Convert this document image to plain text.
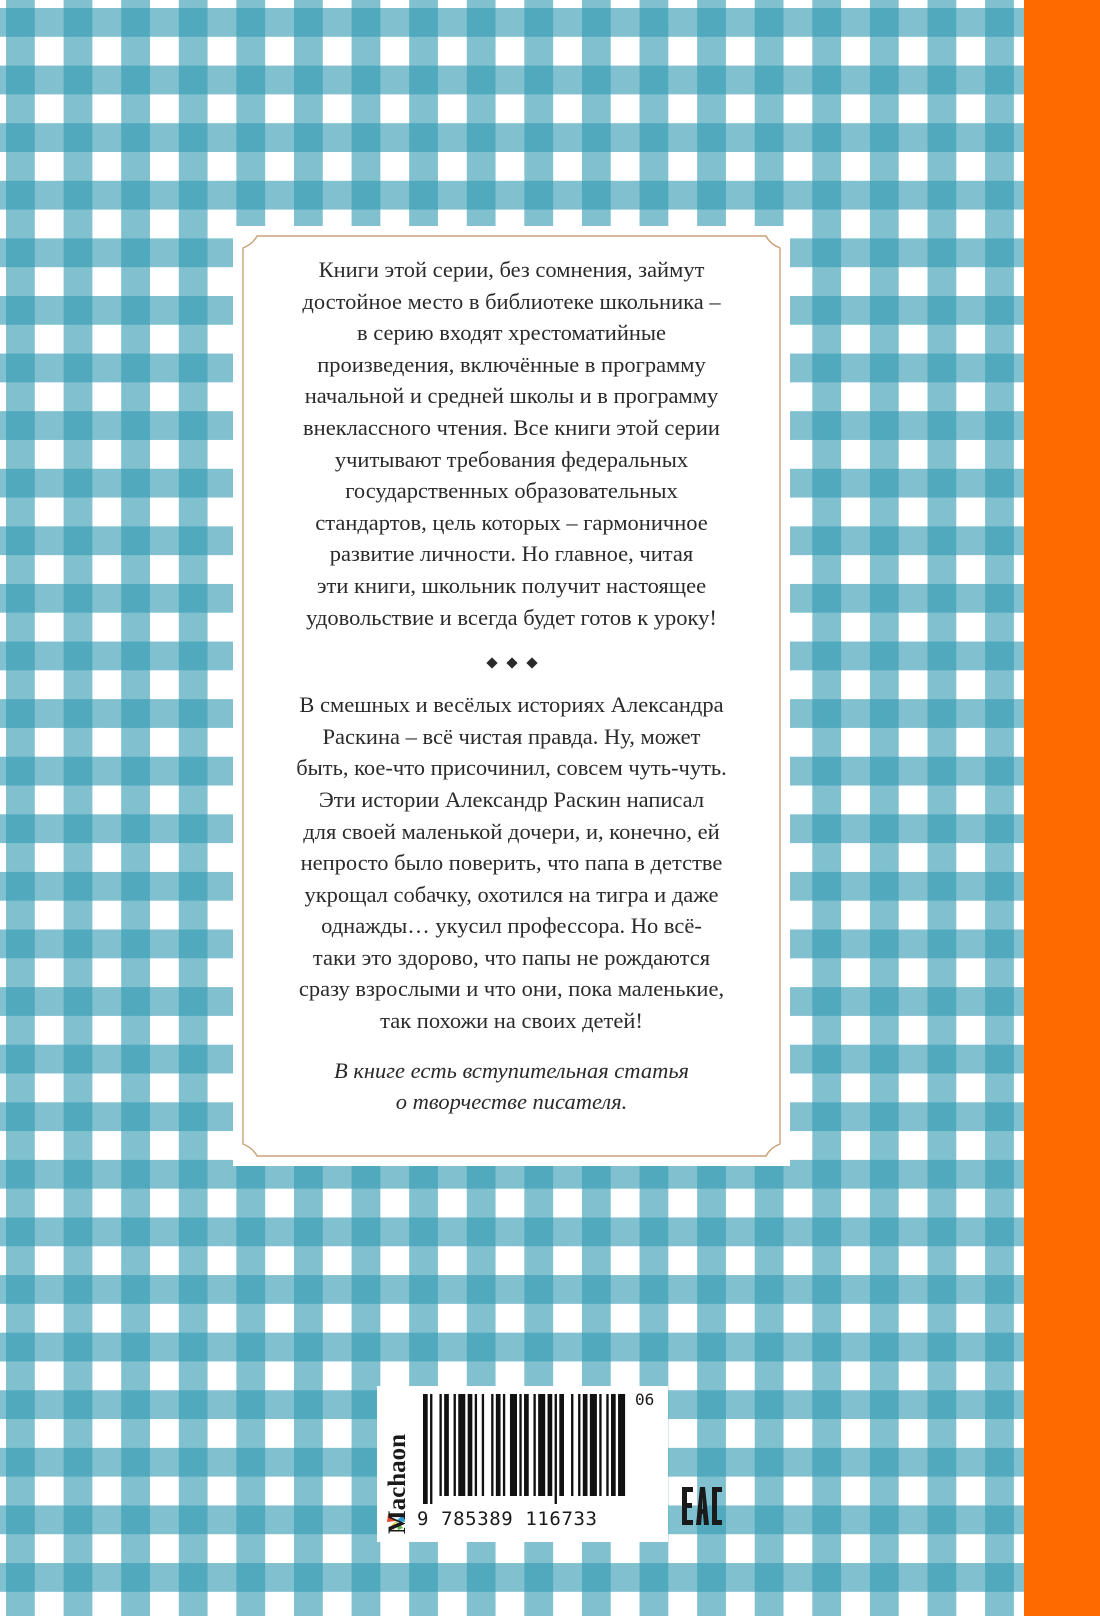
Книги этой серии, без сомнения, займут
достойное место в библиотеке школьника –
в серию входят хрестоматийные
произведения, включённые в программу
начальной и средней школы и в программу
внеклассного чтения. Все книги этой серии
учитывают требования федеральных
государственных образовательных
стандартов, цель которых – гармоничное
развитие личности. Но главное, читая
эти книги, школьник получит настоящее
удовольствие и всегда будет готов к уроку!

В смешных и весёлых историях Александра
Раскина – всё чистая правда. Ну, может
быть, кое-что присочинил, совсем чуть-чуть.
Эти истории Александр Раскин написал
для своей маленькой дочери, и, конечно, ей
непросто было поверить, что папа в детстве
укрощал собачку, охотился на тигра и даже
однажды… укусил профессора. Но всё-
таки это здорово, что папы не рождаются
сразу взрослыми и что они, пока маленькие,
так похожи на своих детей!

В книге есть вступительная статья
о творчестве писателя.

Machaon 9 785389 116733
06
